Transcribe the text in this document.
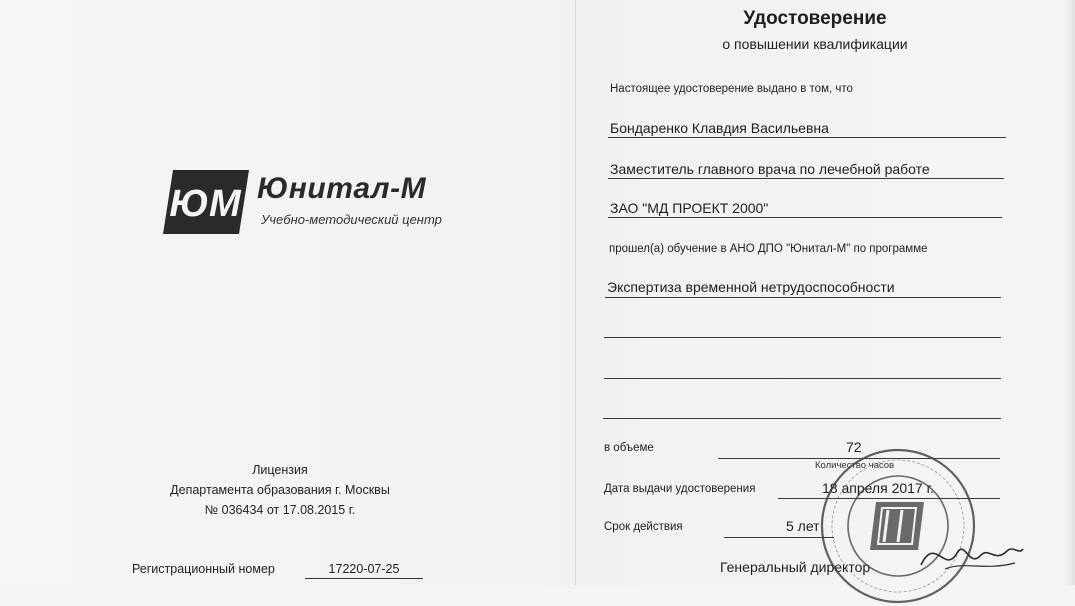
ЮМ Юнитал-М
Учебно-методический центр
Лицензия
Департамента образования г. Москвы
№ 036434 от 17.08.2015 г.
Регистрационный номер	17220-07-25
Удостоверение
о повышении квалификации
Настоящее удостоверение выдано в том, что
Бондаренко Клавдия Васильевна
Заместитель главного врача по лечебной работе
ЗАО "МД ПРОЕКТ 2000"
прошел(а) обучение в АНО ДПО "Юнитал-М" по программе
Экспертиза временной нетрудоспособности
в объеме	72
Количество часов
Дата выдачи удостоверения	18 апреля 2017 г.
Срок действия	5 лет
Генеральный директор
